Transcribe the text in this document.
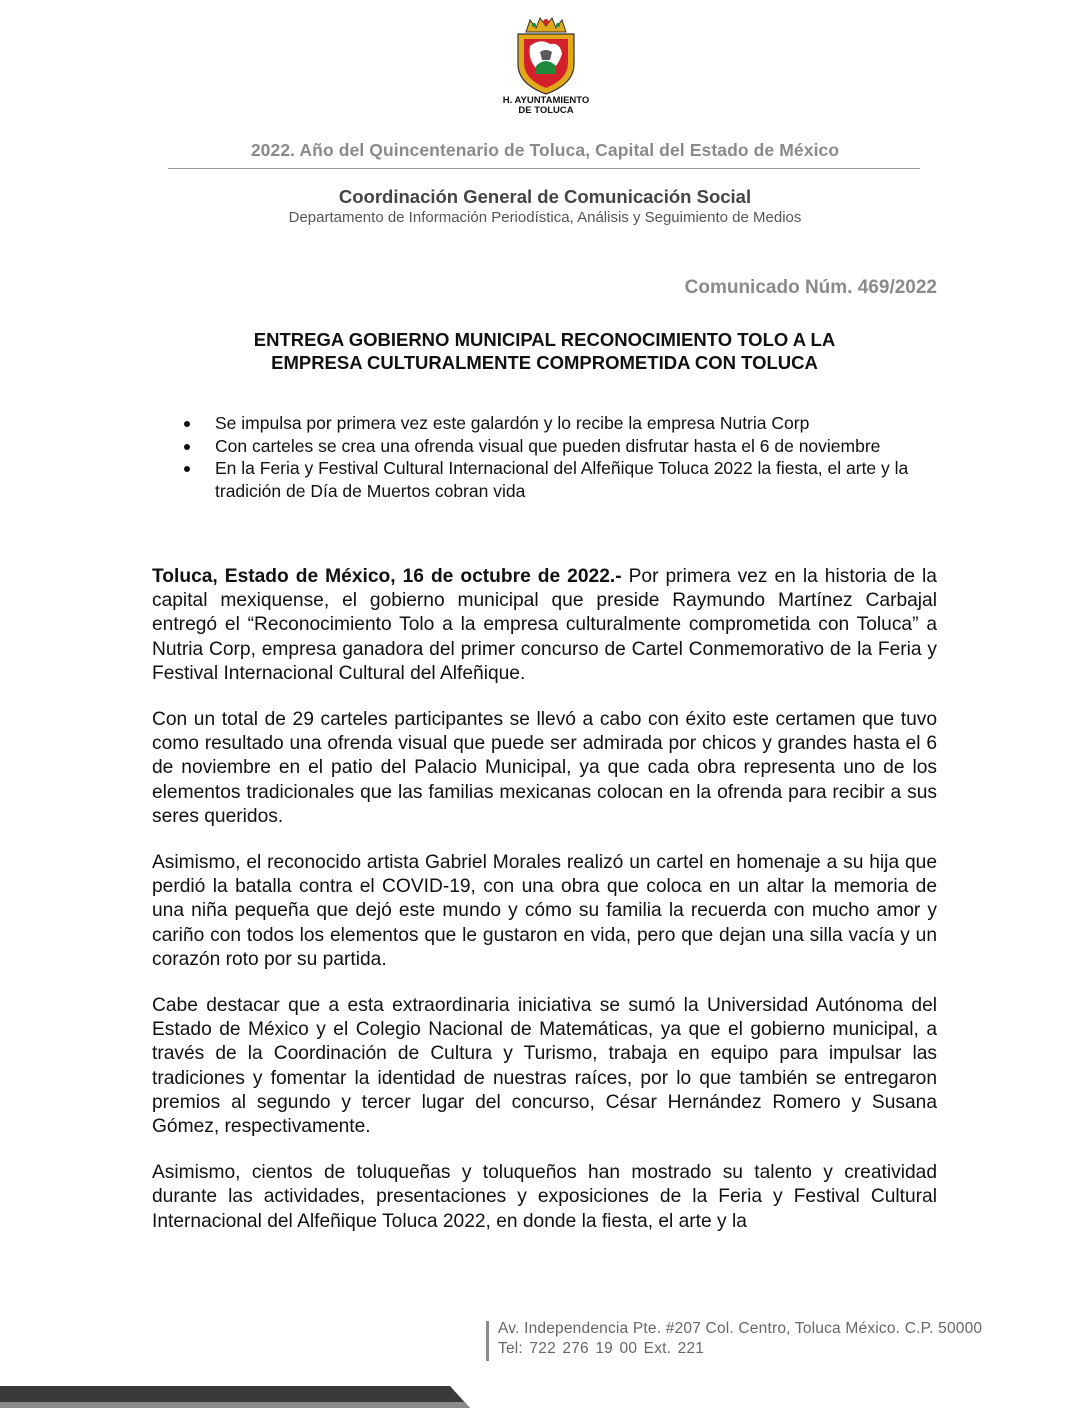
H. AYUNTAMIENTO
DE TOLUCA
2022. Año del Quincentenario de Toluca, Capital del Estado de México
Coordinación General de Comunicación Social
Departamento de Información Periodística, Análisis y Seguimiento de Medios
Comunicado Núm. 469/2022
ENTREGA GOBIERNO MUNICIPAL RECONOCIMIENTO TOLO A LA
EMPRESA CULTURALMENTE COMPROMETIDA CON TOLUCA
Se impulsa por primera vez este galardón y lo recibe la empresa Nutria Corp
Con carteles se crea una ofrenda visual que pueden disfrutar hasta el 6 de noviembre
En la Feria y Festival Cultural Internacional del Alfeñique Toluca 2022 la fiesta, el arte y la tradición de Día de Muertos cobran vida

Toluca, Estado de México, 16 de octubre de 2022.- Por primera vez en la historia de la capital mexiquense, el gobierno municipal que preside Raymundo Martínez Carbajal entregó el “Reconocimiento Tolo a la empresa culturalmente comprometida con Toluca” a Nutria Corp, empresa ganadora del primer concurso de Cartel Conmemorativo de la Feria y Festival Internacional Cultural del Alfeñique.

Con un total de 29 carteles participantes se llevó a cabo con éxito este certamen que tuvo como resultado una ofrenda visual que puede ser admirada por chicos y grandes hasta el 6 de noviembre en el patio del Palacio Municipal, ya que cada obra representa uno de los elementos tradicionales que las familias mexicanas colocan en la ofrenda para recibir a sus seres queridos.

Asimismo, el reconocido artista Gabriel Morales realizó un cartel en homenaje a su hija que perdió la batalla contra el COVID-19, con una obra que coloca en un altar la memoria de una niña pequeña que dejó este mundo y cómo su familia la recuerda con mucho amor y cariño con todos los elementos que le gustaron en vida, pero que dejan una silla vacía y un corazón roto por su partida.

Cabe destacar que a esta extraordinaria iniciativa se sumó la Universidad Autónoma del Estado de México y el Colegio Nacional de Matemáticas, ya que el gobierno municipal, a través de la Coordinación de Cultura y Turismo, trabaja en equipo para impulsar las tradiciones y fomentar la identidad de nuestras raíces, por lo que también se entregaron premios al segundo y tercer lugar del concurso, César Hernández Romero y Susana Gómez, respectivamente.

Asimismo, cientos de toluqueñas y toluqueños han mostrado su talento y creatividad durante las actividades, presentaciones y exposiciones de la Feria y Festival Cultural Internacional del Alfeñique Toluca 2022, en donde la fiesta, el arte y la

Av. Independencia Pte. #207 Col. Centro, Toluca México. C.P. 50000
Tel: 722 276 19 00 Ext. 221
